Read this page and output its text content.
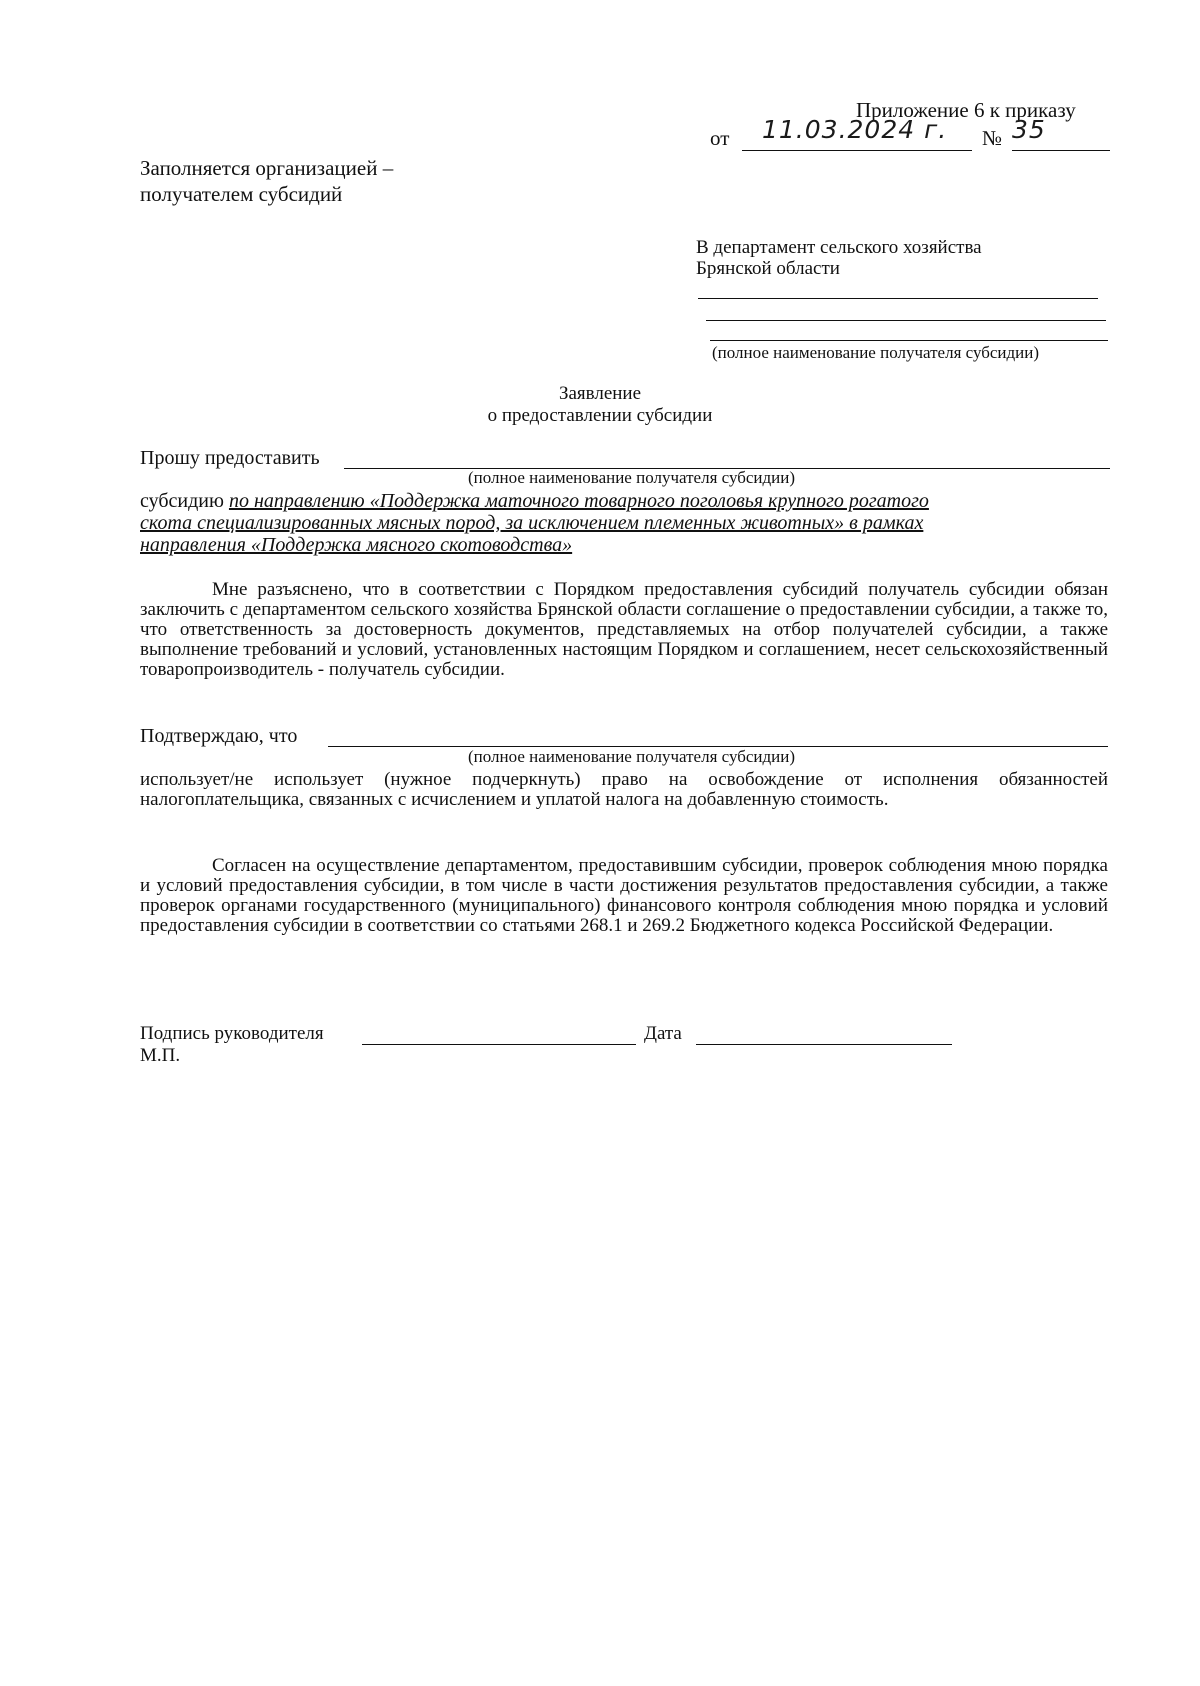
Приложение 6 к приказу
от 11.03.2024 г. № 35
Заполняется организацией –
получателем субсидий
В департамент сельского хозяйства
Брянской области
(полное наименование получателя субсидии)
Заявление
о предоставлении субсидии
Прошу предоставить
(полное наименование получателя субсидии)
субсидию по направлению «Поддержка маточного товарного поголовья крупного рогатого
скота специализированных мясных пород, за исключением племенных животных» в рамках
направления «Поддержка мясного скотоводства»
Мне разъяснено, что в соответствии с Порядком предоставления субсидий получатель субсидии обязан заключить с департаментом сельского хозяйства Брянской области соглашение о предоставлении субсидии, а также то, что ответственность за достоверность документов, представляемых на отбор получателей субсидии, а также выполнение требований и условий, установленных настоящим Порядком и соглашением, несет сельскохозяйственный товаропроизводитель - получатель субсидии.
Подтверждаю, что
(полное наименование получателя субсидии)
использует/не использует (нужное подчеркнуть) право на освобождение от исполнения обязанностей налогоплательщика, связанных с исчислением и уплатой налога на добавленную стоимость.
Согласен на осуществление департаментом, предоставившим субсидии, проверок соблюдения мною порядка и условий предоставления субсидии, в том числе в части достижения результатов предоставления субсидии, а также проверок органами государственного (муниципального) финансового контроля соблюдения мною порядка и условий предоставления субсидии в соответствии со статьями 268.1 и 269.2 Бюджетного кодекса Российской Федерации.
Подпись руководителя	Дата
М.П.
